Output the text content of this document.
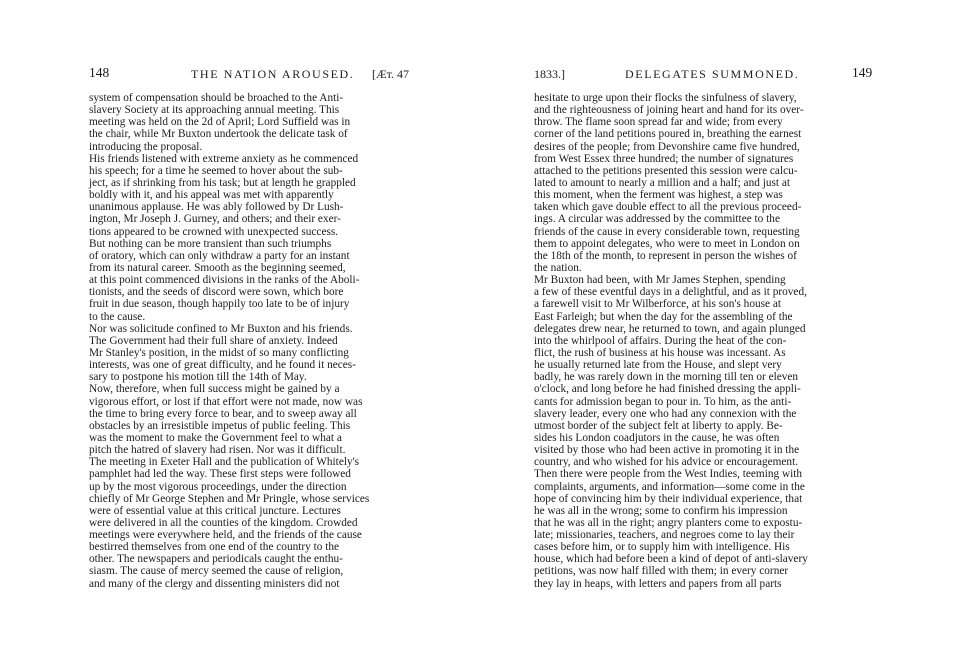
148	THE NATION AROUSED. [Æт. 47
system of compensation should be broached to the Anti-
slavery Society at its approaching annual meeting. This
meeting was held on the 2d of April; Lord Suffield was in
the chair, while Mr Buxton undertook the delicate task of
introducing the proposal.
His friends listened with extreme anxiety as he commenced
his speech; for a time he seemed to hover about the sub-
ject, as if shrinking from his task; but at length he grappled
boldly with it, and his appeal was met with apparently
unanimous applause. He was ably followed by Dr Lush-
ington, Mr Joseph J. Gurney, and others; and their exer-
tions appeared to be crowned with unexpected success.
But nothing can be more transient than such triumphs
of oratory, which can only withdraw a party for an instant
from its natural career. Smooth as the beginning seemed,
at this point commenced divisions in the ranks of the Aboli-
tionists, and the seeds of discord were sown, which bore
fruit in due season, though happily too late to be of injury
to the cause.
Nor was solicitude confined to Mr Buxton and his friends.
The Government had their full share of anxiety. Indeed
Mr Stanley's position, in the midst of so many conflicting
interests, was one of great difficulty, and he found it neces-
sary to postpone his motion till the 14th of May.
Now, therefore, when full success might be gained by a
vigorous effort, or lost if that effort were not made, now was
the time to bring every force to bear, and to sweep away all
obstacles by an irresistible impetus of public feeling. This
was the moment to make the Government feel to what a
pitch the hatred of slavery had risen. Nor was it difficult.
The meeting in Exeter Hall and the publication of Whitely's
pamphlet had led the way. These first steps were followed
up by the most vigorous proceedings, under the direction
chiefly of Mr George Stephen and Mr Pringle, whose services
were of essential value at this critical juncture. Lectures
were delivered in all the counties of the kingdom. Crowded
meetings were everywhere held, and the friends of the cause
bestirred themselves from one end of the country to the
other. The newspapers and periodicals caught the enthu-
siasm. The cause of mercy seemed the cause of religion,
and many of the clergy and dissenting ministers did not
1833.]	DELEGATES SUMMONED.	149
hesitate to urge upon their flocks the sinfulness of slavery,
and the righteousness of joining heart and hand for its over-
throw. The flame soon spread far and wide; from every
corner of the land petitions poured in, breathing the earnest
desires of the people; from Devonshire came five hundred,
from West Essex three hundred; the number of signatures
attached to the petitions presented this session were calcu-
lated to amount to nearly a million and a half; and just at
this moment, when the ferment was highest, a step was
taken which gave double effect to all the previous proceed-
ings. A circular was addressed by the committee to the
friends of the cause in every considerable town, requesting
them to appoint delegates, who were to meet in London on
the 18th of the month, to represent in person the wishes of
the nation.
Mr Buxton had been, with Mr James Stephen, spending
a few of these eventful days in a delightful, and as it proved,
a farewell visit to Mr Wilberforce, at his son's house at
East Farleigh; but when the day for the assembling of the
delegates drew near, he returned to town, and again plunged
into the whirlpool of affairs. During the heat of the con-
flict, the rush of business at his house was incessant. As
he usually returned late from the House, and slept very
badly, he was rarely down in the morning till ten or eleven
o'clock, and long before he had finished dressing the appli-
cants for admission began to pour in. To him, as the anti-
slavery leader, every one who had any connexion with the
utmost border of the subject felt at liberty to apply. Be-
sides his London coadjutors in the cause, he was often
visited by those who had been active in promoting it in the
country, and who wished for his advice or encouragement.
Then there were people from the West Indies, teeming with
complaints, arguments, and information—some come in the
hope of convincing him by their individual experience, that
he was all in the wrong; some to confirm his impression
that he was all in the right; angry planters come to expostu-
late; missionaries, teachers, and negroes come to lay their
cases before him, or to supply him with intelligence. His
house, which had before been a kind of depot of anti-slavery
petitions, was now half filled with them; in every corner
they lay in heaps, with letters and papers from all parts
